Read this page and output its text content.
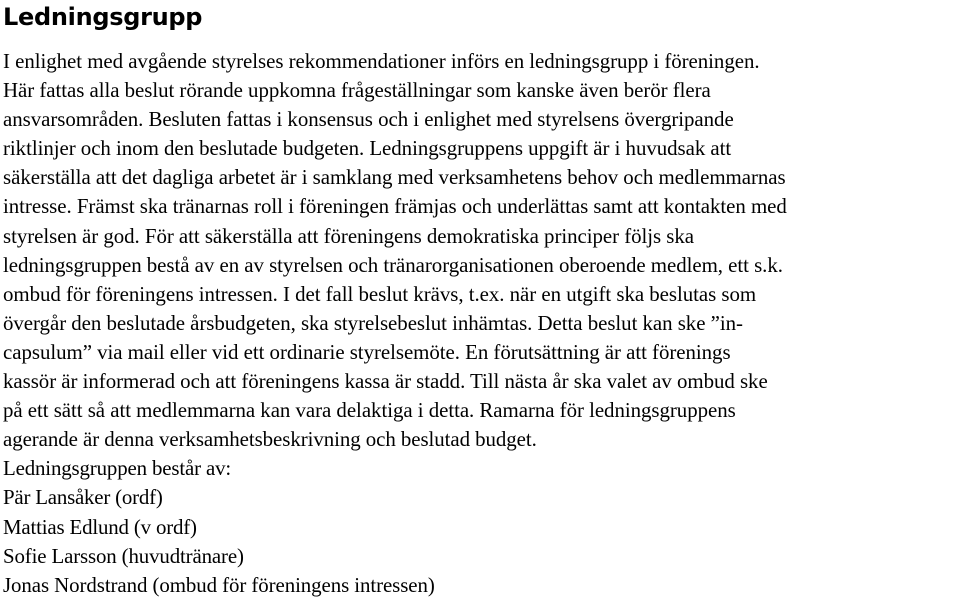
Ledningsgrupp
I enlighet med avgående styrelses rekommendationer införs en ledningsgrupp i föreningen.
Här fattas alla beslut rörande uppkomna frågeställningar som kanske även berör flera
ansvarsområden. Besluten fattas i konsensus och i enlighet med styrelsens övergripande
riktlinjer och inom den beslutade budgeten. Ledningsgruppens uppgift är i huvudsak att
säkerställa att det dagliga arbetet är i samklang med verksamhetens behov och medlemmarnas
intresse. Främst ska tränarnas roll i föreningen främjas och underlättas samt att kontakten med
styrelsen är god. För att säkerställa att föreningens demokratiska principer följs ska
ledningsgruppen bestå av en av styrelsen och tränarorganisationen oberoende medlem, ett s.k.
ombud för föreningens intressen. I det fall beslut krävs, t.ex. när en utgift ska beslutas som
övergår den beslutade årsbudgeten, ska styrelsebeslut inhämtas. Detta beslut kan ske ”in-
capsulum” via mail eller vid ett ordinarie styrelsemöte. En förutsättning är att förenings
kassör är informerad och att föreningens kassa är stadd. Till nästa år ska valet av ombud ske
på ett sätt så att medlemmarna kan vara delaktiga i detta. Ramarna för ledningsgruppens
agerande är denna verksamhetsbeskrivning och beslutad budget.
Ledningsgruppen består av:
Pär Lansåker (ordf)
Mattias Edlund (v ordf)
Sofie Larsson (huvudtränare)
Jonas Nordstrand (ombud för föreningens intressen)
